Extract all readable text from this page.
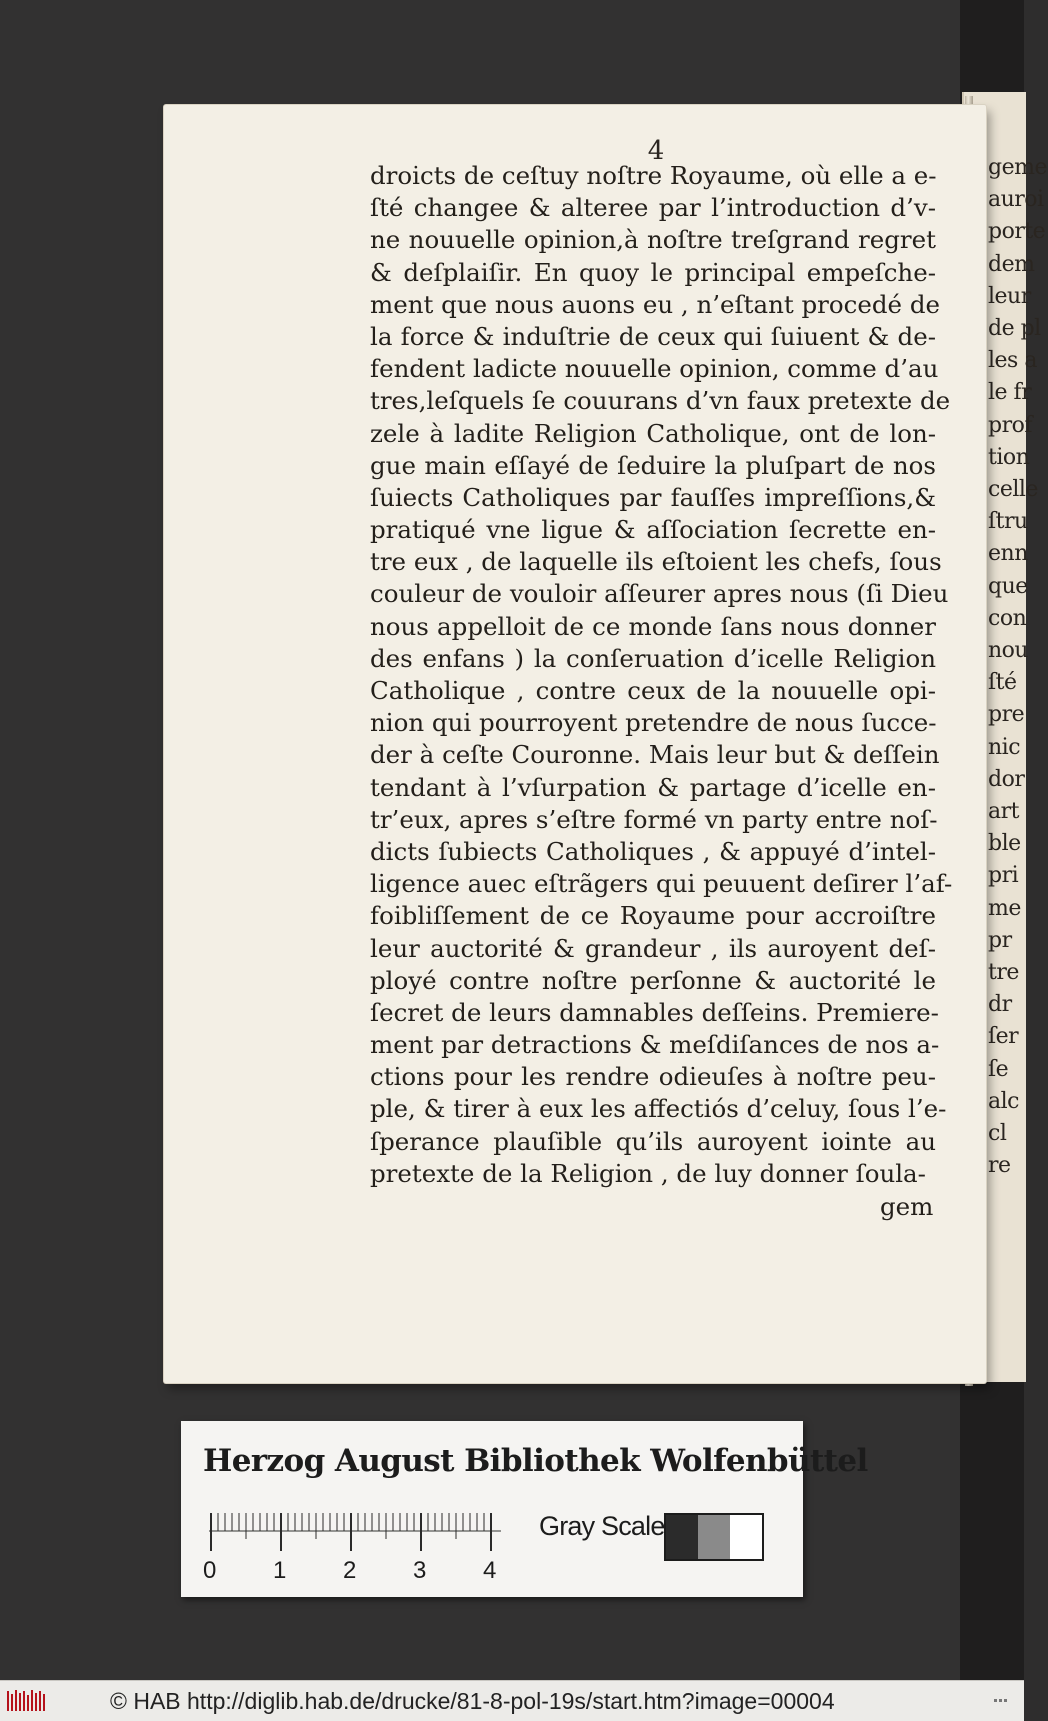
geme
auroi
porte
dem
leur
de pl
les a
le fr
prof
tion
celle
ſtru
enn
que
con
nou
ſté
pre
nic
dor
art
ble
pri
me
pr
tre
dr
ſer
ſe
alc
cl
re
4
droicts de ceſtuy noſtre Royaume, où elle a e-
ſté changee & alteree par l’introduction d’v-
ne nouuelle opinion,à noſtre treſgrand regret
& deſplaiſir. En quoy le principal empeſche-
ment que nous auons eu , n’eſtant procedé de
la force & induſtrie de ceux qui ſuiuent & de-
fendent ladicte nouuelle opinion, comme d’au
tres,leſquels ſe couurans d’vn faux pretexte de
zele à ladite Religion Catholique, ont de lon-
gue main eſſayé de ſeduire la pluſpart de nos
ſuiects Catholiques par fauſſes impreſſions,&
pratiqué vne ligue & aſſociation ſecrette en-
tre eux , de laquelle ils eſtoient les chefs, ſous
couleur de vouloir aſſeurer apres nous (ſi Dieu
nous appelloit de ce monde ſans nous donner
des enfans ) la conſeruation d’icelle Religion
Catholique , contre ceux de la nouuelle opi-
nion qui pourroyent pretendre de nous ſucce-
der à ceſte Couronne. Mais leur but & deſſein
tendant à l’vſurpation & partage d’icelle en-
tr’eux, apres s’eſtre formé vn party entre noſ-
dicts ſubiects Catholiques , & appuyé d’intel-
ligence auec eſtrãgers qui peuuent deſirer l’af-
foibliſſement de ce Royaume pour accroiſtre
leur auctorité & grandeur , ils auroyent deſ-
ployé contre noſtre perſonne & auctorité le
ſecret de leurs damnables deſſeins. Premiere-
ment par detractions & meſdiſances de nos a-
ctions pour les rendre odieuſes à noſtre peu-
ple, & tirer à eux les affectiós d’celuy, ſous l’e-
ſperance plauſible qu’ils auroyent iointe au
pretexte de la Religion , de luy donner ſoula-
gem
Herzog August Bibliothek Wolfenbüttel
0 1 2 3 4
Gray Scale
© HAB http://diglib.hab.de/drucke/81-8-pol-19s/start.htm?image=00004
